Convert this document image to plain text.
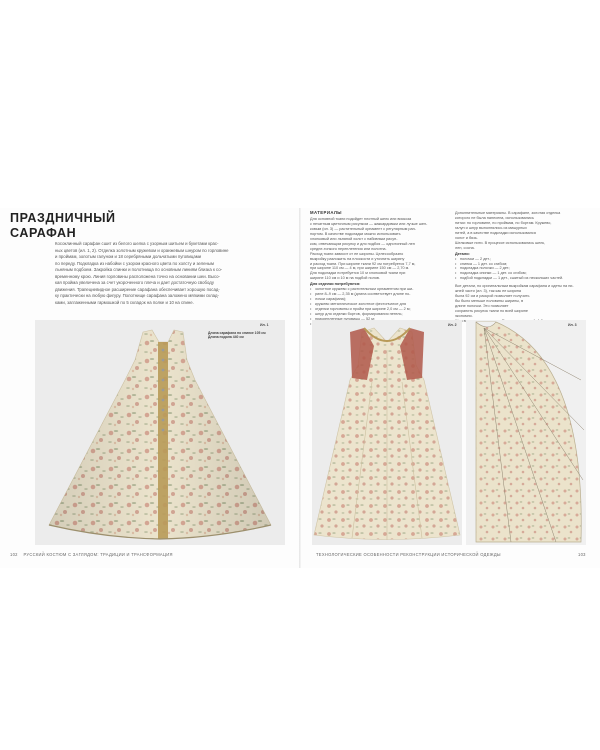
ПРАЗДНИЧНЫЙ
САРАФАН
Косоклинный сарафан сшит из белого шелка с узорным шитьем и букетами крас-
ных цветов (ил. 1, 2). Отделка золотным кружевом и оранжевым шнуром по горловине
и проймам, золотым галуном и 18 серебряными дольчатыми пуговицами
по переду. Подкладка из набойки с узором красного цвета по холсту и зеленым
льняным подбоем. Закройка спинки и полотнища по основным линиям близка к со-
временному крою. Линия горловины расположена точно на основании шеи. Высо-
кая пройма увеличена за счет укороченного плеча и дает достаточную свободу
движения. Трапециевидное расширение сарафана обеспечивает хорошую посад-
ку практически на любую фигуру. Полотнище сарафана заложено мягкими склад-
ками, заглаженными гармошкой по 5 складок на полке и 10 на спине.
Ил. 1
Длина сарафана по спинке 105 см
Длина подола 440 см
102 РУССКИЙ КОСТЮМ С ЗАГЛЯДОМ: ТРАДИЦИИ И ТРАНСФОРМАЦИЯ
МАТЕРИАЛЫ

Для основной ткани подойдет плотный шелк или вискоза
с печатным цветочным рисунком — жаккардовым или лучше шел-
ковым (ил. 3) — растительный орнамент с регулярным рап-
портом. В качестве подкладки можно использовать
хлопковый или льняной холст с набивным рисун-
ком, отвечающим рисунку и для подбоя — однотонный лен
средне-тонкого переплетения или полотна.
Расход ткани зависит от ее ширины. Целесообразно
выкройку разложить на плоскости и уточнить ширину
и расход ткани. При ширине ткани 92 см потребуется 7,7 м,
при ширине 110 см — 4 м, при ширине 150 см — 2,70 м.
Для подкладки потребуется 10 м хлопковой ткани при
ширине 110 см и 10 м на подбой полов.

Для отделки потребуются:
• золотное кружево с растительным орнаментом при ши-
• рине 8–9 см — 2,35 м (длина соответствует длине по-
• лочки сарафана);
• кружево металлическое золотное фестончатое для
• отделки горловины и пройм при ширине 2,0 см — 2 м;
• шнур для отделки бортов, формирования петель;
•
•

Дополнительные материалы. В сарафане, золотая отделка
которого не была нанесена, использовались
нитки: по горловине, по проймам, по бортам. Кружево,
галун и шнур выполнялись из мишурных
нитей, а в качестве подкладки использовался
холст и бязь.
Шелковые нити. В процессе использовались шелк,
лен, сосна.

Детали:
• полочки — 2 дет.;
• спинка — 1 дет. со сгибом;
• подкладка полочки — 2 дет.;
• подкладка спинки — 1 дет. со сгибом;
• подбой подкладки — 1 дет., сшитый из нескольких частей.

Все детали, по оригинальным выкройкам сарафана и одеты на ни-
жней части (ил. 3), так как ее ширина
была 92 см и раскрой позволяет получить
бы было меньше половины ширины, в
длине полочки. Это позволяет
сохранить рисунок ткани по всей ширине
экономно.

Ил. 2	Ил. 3
ТЕХНОЛОГИЧЕСКИЕ ОСОБЕННОСТИ РЕКОНСТРУКЦИИ ИСТОРИЧЕСКОЙ ОДЕЖДЫ	103
